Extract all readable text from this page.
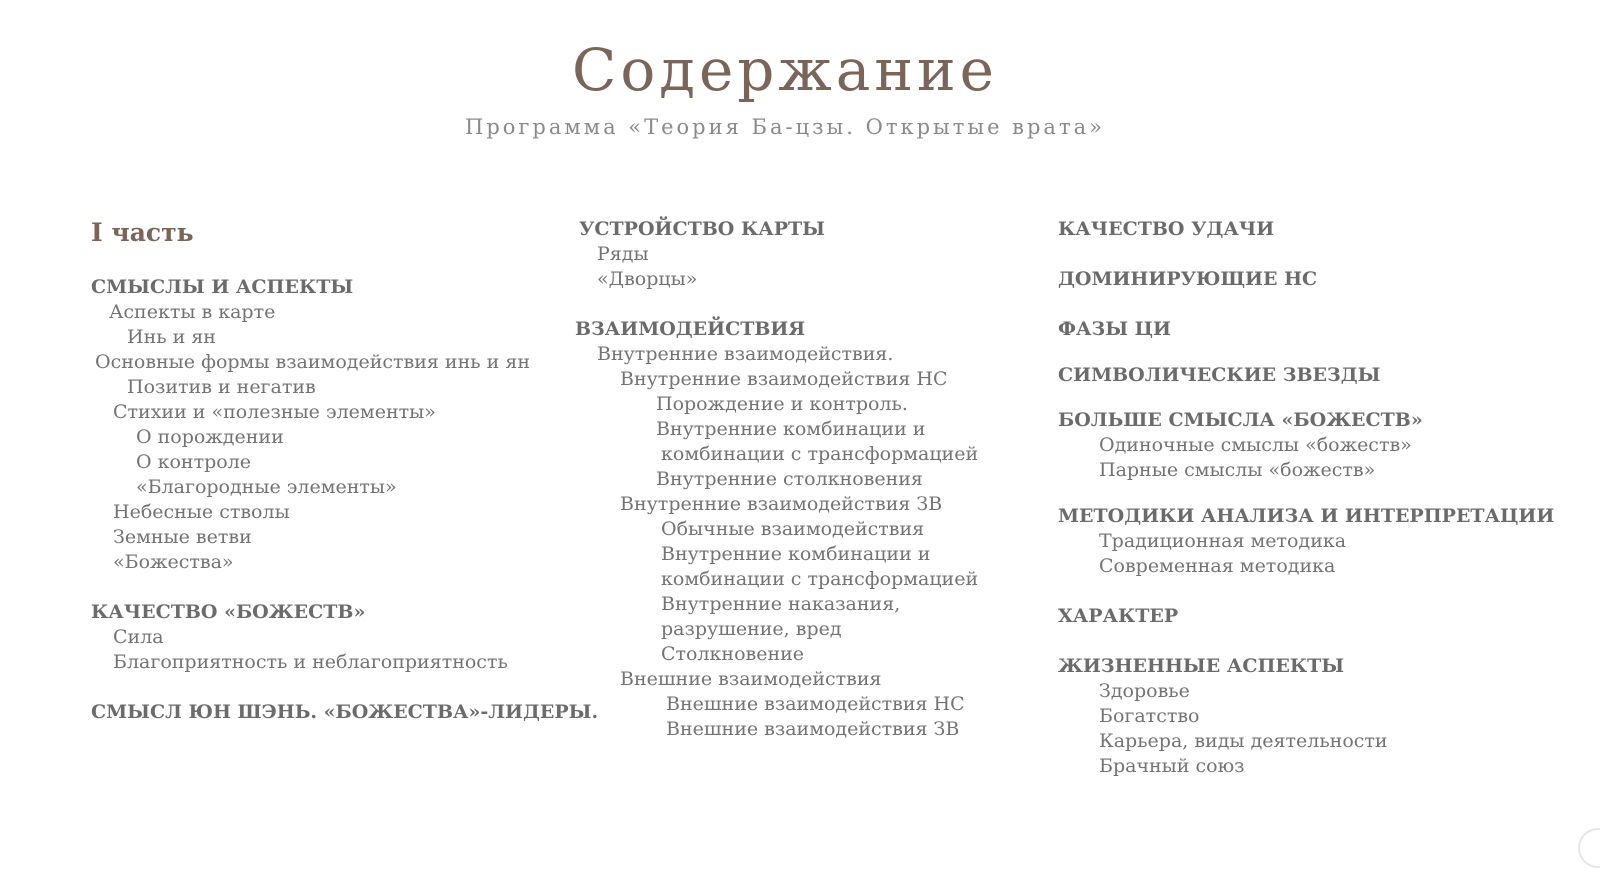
Содержание
Программа «Теория Ба-цзы. Открытые врата»
I часть
СМЫСЛЫ И АСПЕКТЫ
Аспекты в карте
Инь и ян
Основные формы взаимодействия инь и ян
Позитив и негатив
Стихии и «полезные элементы»
О порождении
О контроле
«Благородные элементы»
Небесные стволы
Земные ветви
«Божества»
КАЧЕСТВО «БОЖЕСТВ»
Сила
Благоприятность и неблагоприятность
СМЫСЛ ЮН ШЭНЬ. «БОЖЕСТВА»-ЛИДЕРЫ.
УСТРОЙСТВО КАРТЫ
Ряды
«Дворцы»
ВЗАИМОДЕЙСТВИЯ
Внутренние взаимодействия.
Внутренние взаимодействия НС
Порождение и контроль.
Внутренние комбинации и
комбинации с трансформацией
Внутренние столкновения
Внутренние взаимодействия ЗВ
Обычные взаимодействия
Внутренние комбинации и
комбинации с трансформацией
Внутренние наказания,
разрушение, вред
Столкновение
Внешние взаимодействия
Внешние взаимодействия НС
Внешние взаимодействия ЗВ
КАЧЕСТВО УДАЧИ
ДОМИНИРУЮЩИЕ НС
ФАЗЫ ЦИ
СИМВОЛИЧЕСКИЕ ЗВЕЗДЫ
БОЛЬШЕ СМЫСЛА «БОЖЕСТВ»
Одиночные смыслы «божеств»
Парные смыслы «божеств»
МЕТОДИКИ АНАЛИЗА И ИНТЕРПРЕТАЦИИ
Традиционная методика
Современная методика
ХАРАКТЕР
ЖИЗНЕННЫЕ АСПЕКТЫ
Здоровье
Богатство
Карьера, виды деятельности
Брачный союз
